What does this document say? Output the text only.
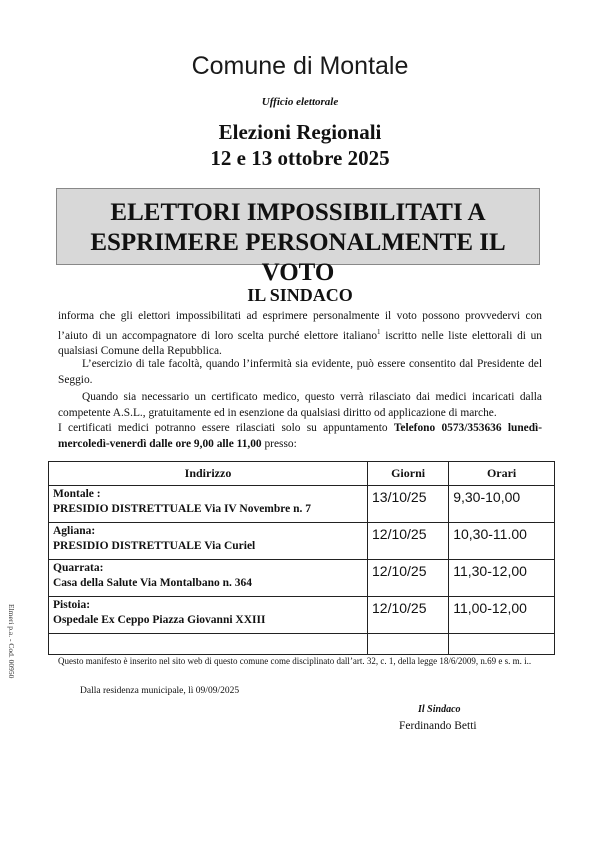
Comune di Montale
Ufficio elettorale
Elezioni Regionali
12 e 13 ottobre 2025
ELETTORI IMPOSSIBILITATI A
ESPRIMERE PERSONALMENTE IL VOTO
IL SINDACO
informa che gli elettori impossibilitati ad esprimere personalmente il voto possono provvedervi con l’aiuto di un accompagnatore di loro scelta purché elettore italiano$^1$ iscritto nelle liste elettorali di un qualsiasi Comune della Repubblica.
L’esercizio di tale facoltà, quando l’infermità sia evidente, può essere consentito dal Presidente del Seggio.
Quando sia necessario un certificato medico, questo verrà rilasciato dai medici incaricati dalla competente A.S.L., gratuitamente ed in esenzione da qualsiasi diritto od applicazione di marche.
I certificati medici potranno essere rilasciati solo su appuntamento Telefono 0573/353636 lunedì-mercoledì-venerdì dalle ore 9,00 alle 11,00 presso:
Indirizzo	Giorni	Orari
Montale :
PRESIDIO DISTRETTUALE Via IV Novembre n. 7	13/10/25	9,30-10,00
Agliana:
PRESIDIO DISTRETTUALE Via Curiel	12/10/25	10,30-11.00
Quarrata:
Casa della Salute Via Montalbano n. 364	12/10/25	11,30-12,00
Pistoia:
Ospedale Ex Ceppo Piazza Giovanni XXIII	12/10/25	11,00-12,00

Questo manifesto è inserito nel sito web di questo comune come disciplinato dall’art. 32, c. 1, della legge 18/6/2009, n.69 e s. m. i..
Dalla residenza municipale, lì 09/09/2025
Il Sindaco
Ferdinando Betti
Elmeri p.a. - Cod. 00950
